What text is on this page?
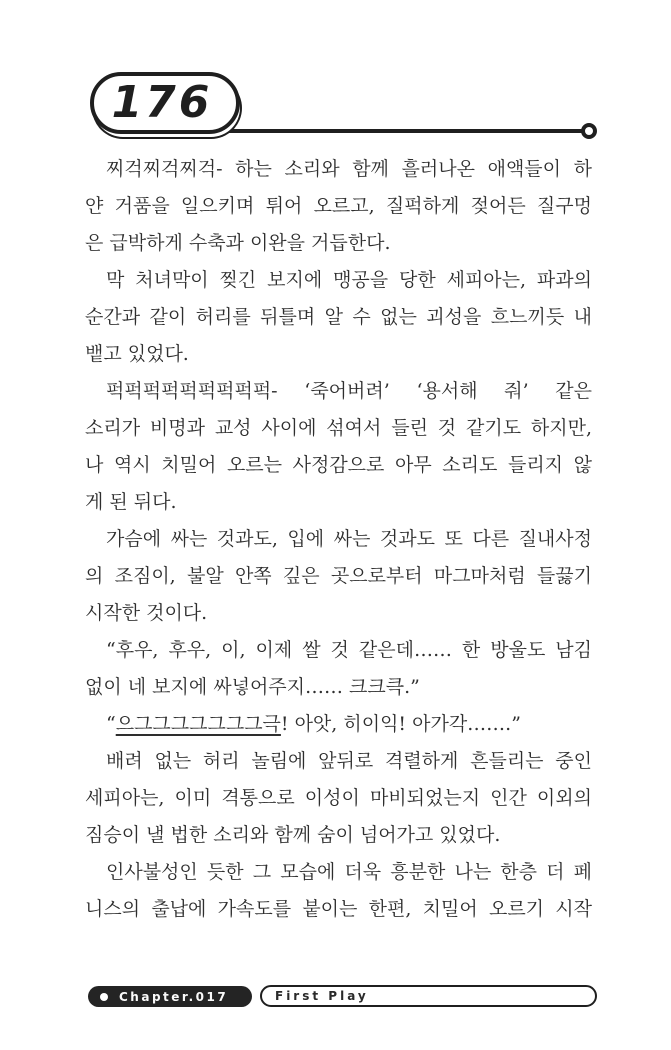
176

찌걱찌걱찌걱- 하는 소리와 함께 흘러나온 애액들이 하
얀 거품을 일으키며 튀어 오르고, 질퍽하게 젖어든 질구멍
은 급박하게 수축과 이완을 거듭한다.

막 처녀막이 찢긴 보지에 맹공을 당한 세피아는, 파과의
순간과 같이 허리를 뒤틀며 알 수 없는 괴성을 흐느끼듯 내
뱉고 있었다.

퍽퍽퍽퍽퍽퍽퍽퍽퍽- ‘죽어버려’ ‘용서해 줘’ 같은
소리가 비명과 교성 사이에 섞여서 들린 것 같기도 하지만,
나 역시 치밀어 오르는 사정감으로 아무 소리도 들리지 않
게 된 뒤다.

가슴에 싸는 것과도, 입에 싸는 것과도 또 다른 질내사정
의 조짐이, 불알 안쪽 깊은 곳으로부터 마그마처럼 들끓기
시작한 것이다.

“후우, 후우, 이, 이제 쌀 것 같은데…… 한 방울도 남김
없이 네 보지에 싸넣어주지…… 크크큭.”

“으그그그그그그그극! 아앗, 히이익! 아가각…….”

배려 없는 허리 놀림에 앞뒤로 격렬하게 흔들리는 중인
세피아는, 이미 격통으로 이성이 마비되었는지 인간 이외의
짐승이 낼 법한 소리와 함께 숨이 넘어가고 있었다.

인사불성인 듯한 그 모습에 더욱 흥분한 나는 한층 더 페
니스의 출납에 가속도를 붙이는 한편, 치밀어 오르기 시작

Chapter.017	First Play
